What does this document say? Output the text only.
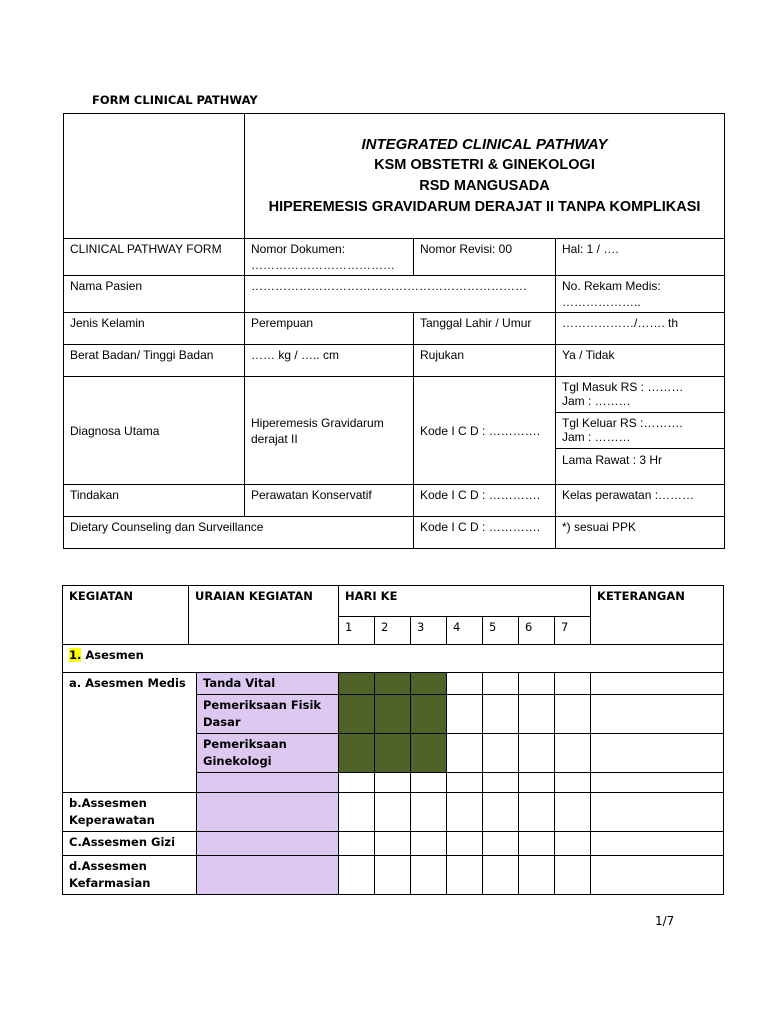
FORM CLINICAL PATHWAY

	INTEGRATED CLINICAL PATHWAY
KSM OBSTETRI & GINEKOLOGI
RSD MANGUSADA
HIPEREMESIS GRAVIDARUM DERAJAT II TANPA KOMPLIKASI		

CLINICAL PATHWAY FORM	Nomor Dokumen: ………………………………	Nomor Revisi: 00	Hal: 1 / ….
Nama Pasien	……………………………………………………………		No. Rekam Medis: ………………..
Jenis Kelamin	Perempuan	Tanggal Lahir / Umur	………………/……. th
Berat Badan/ Tinggi Badan	…… kg / ….. cm	Rujukan	Ya / Tidak
Diagnosa Utama	Hiperemesis Gravidarum derajat II	Kode I C D : ………….	Tgl Masuk RS : ………
Jam : ………
Tgl Keluar RS :……….
Jam : ………
Lama Rawat : 3 Hr

Tindakan	Perawatan Konservatif	Kode I C D : ………….	Kelas perawatan :………
Dietary Counseling dan Surveillance		Kode I C D : ………….	*) sesuai PPK
KEGIATAN	URAIAN KEGIATAN		HARI KE							KETERANGAN
			1	2	3	4	5	6	7	
1. Asesmen										
a. Asesmen Medis		Tanda Vital								
		Pemeriksaan Fisik Dasar								
		Pemeriksaan Ginekologi								

b.Assesmen Keperawatan										
C.Assesmen Gizi										
d.Assesmen Kefarmasian										
1/7
